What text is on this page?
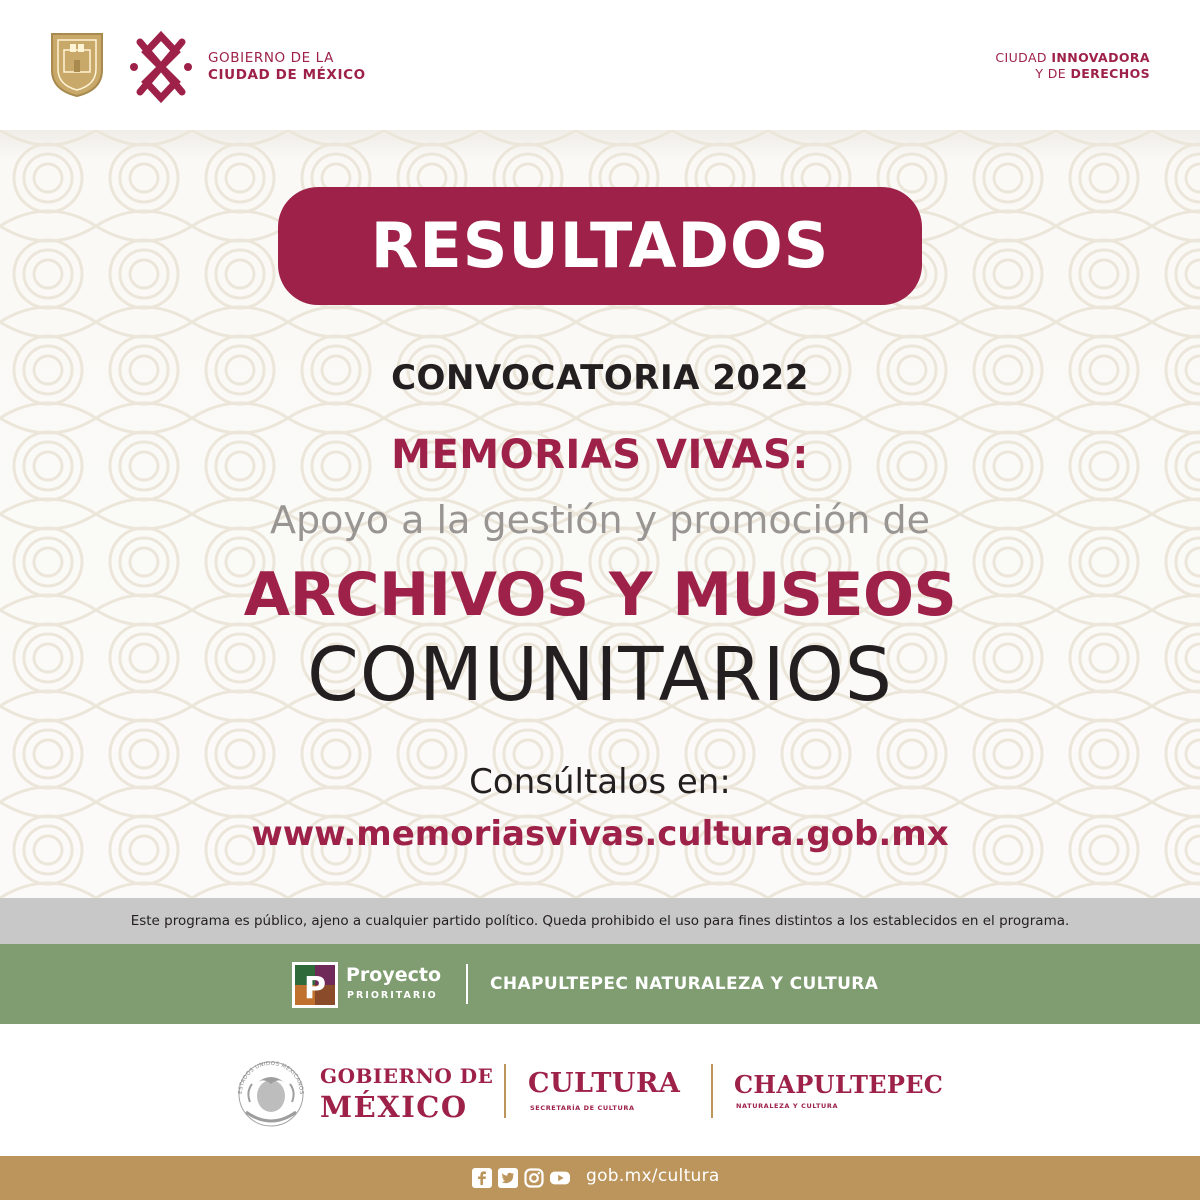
GOBIERNO DE LA
CIUDAD DE MÉXICO
CIUDAD INNOVADORA
Y DE DERECHOS
RESULTADOS
CONVOCATORIA 2022
MEMORIAS VIVAS:
Apoyo a la gestión y promoción de
ARCHIVOS Y MUSEOS
COMUNITARIOS
Consúltalos en:
www.memoriasvivas.cultura.gob.mx
Este programa es público, ajeno a cualquier partido político. Queda prohibido el uso para fines distintos a los establecidos en el programa.
P Proyecto
PRIORITARIO
CHAPULTEPEC NATURALEZA Y CULTURA
ESTADOS UNIDOS MEXICANOS
GOBIERNO DE
MÉXICO
CULTURA
SECRETARÍA DE CULTURA
CHAPULTEPEC
NATURALEZA Y CULTURA
gob.mx/cultura
